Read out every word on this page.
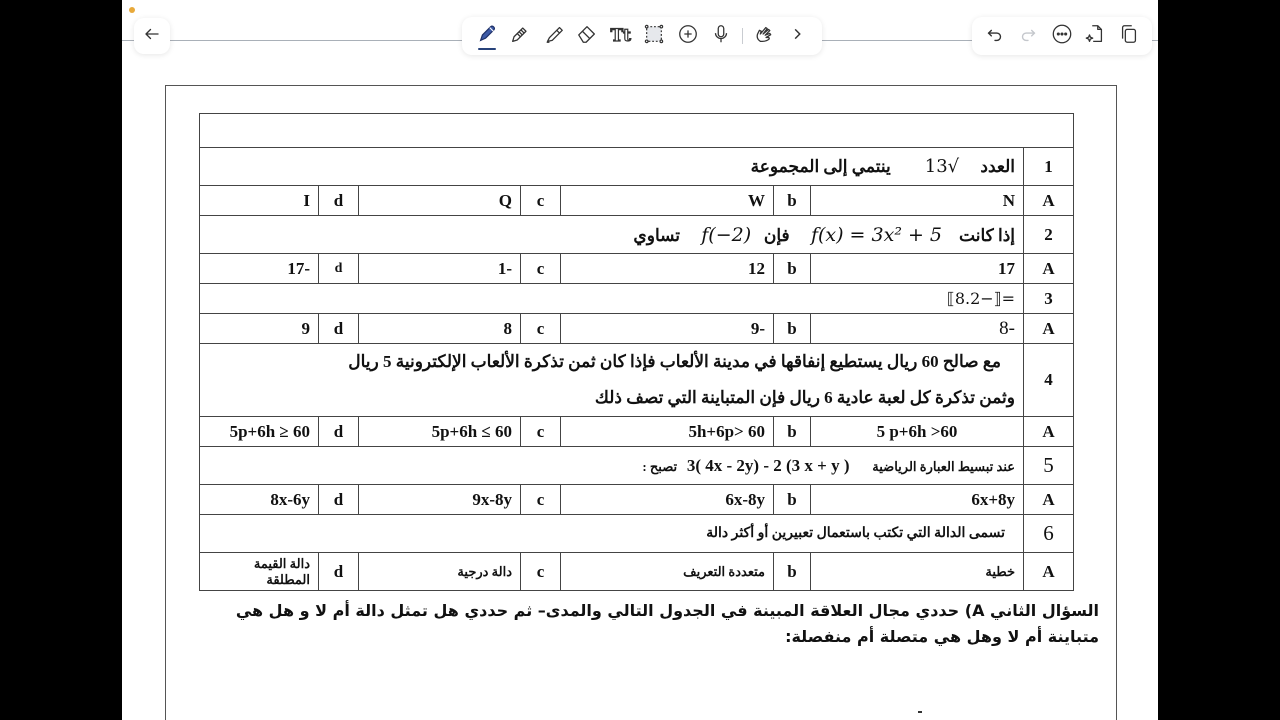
Tt

1	العدد     √13        ينتمي إلى المجموعة						
A	N	b	W	c	Q	d	I
2	إذا كانت    f(x) = 3x² + 5     فإن   f(−2)     تساوي						
A	17	b	12	c	-1	d	-17
3	=⟦−8.2⟧						
A	-8	b	-9	c	8	d	9
4	مع صالح 60 ريال يستطيع إنفاقها في مدينة الألعاب فإذا كان ثمن تذكرة الألعاب الإلكترونية 5 ريال
وثمن تذكرة كل لعبة عادية 6 ريال فإن المتباينة التي تصف ذلك						

A	5 p+6h >60	b	5h+6p> 60	c	5p+6h ≤ 60	d	5p+6h ≥ 60
5	عند تبسيط العبارة الرياضية       3( 4x - 2y) - 2 (3 x + y )   تصبح :						
A	6x+8y	b	6x-8y	c	9x-8y	d	8x-6y
6	تسمى الدالة التي تكتب باستعمال تعبيرين أو أكثر دالة						
A	خطية	b	متعددة التعريف	c	دالة درجية	d	دالة القيمة المطلقة
السؤال الثاني A) حددي مجال العلاقة المبينة في الجدول التالي والمدى– ثم حددي هل تمثل دالة أم لا و هل هي متباينة أم لا وهل هي متصلة أم منفصلة:
